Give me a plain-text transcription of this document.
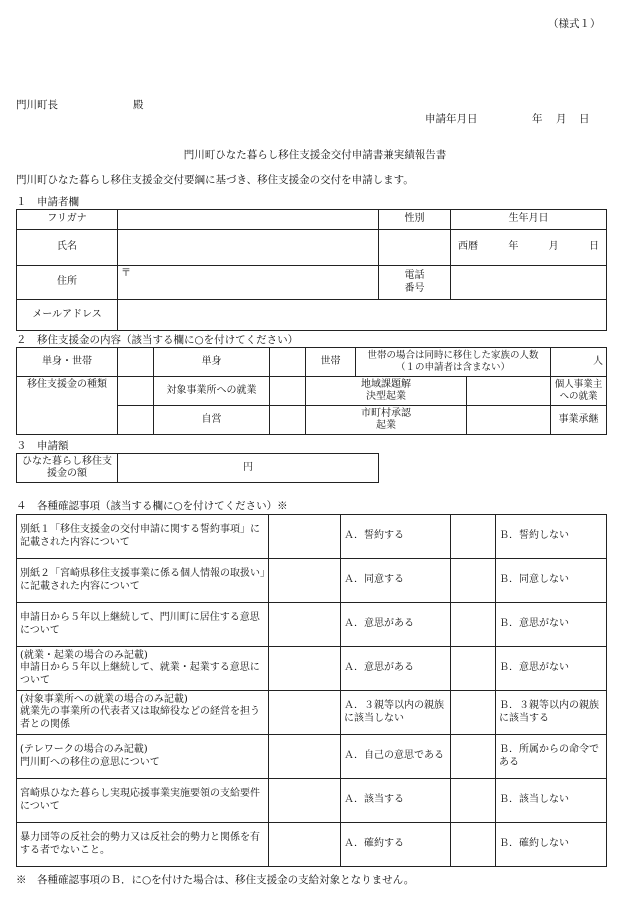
（様式１）
門川町長	殿
申請年月日	年 月 日
門川町ひなた暮らし移住支援金交付申請書兼実績報告書
門川町ひなた暮らし移住支援金交付要綱に基づき、移住支援金の交付を申請します。
１　申請者欄
フリガナ		性別	生年月日
氏名			西暦 年 月 日

住所	〒	電話番号	
メールアドレス			
２　移住支援金の内容（該当する欄に○を付けてください）
単身・世帯		単身		世帯	世帯の場合は同時に移住した家族の人数（１の申請者は含まない）		人
移住支援金の種類		対象事業所への就業		地域課題解決型起業			個人事業主への就業
		自営		市町村承認起業			事業承継
３　申請額
ひなた暮らし移住支援金の額	円
４　各種確認事項（該当する欄に○を付けてください）※
別紙１「移住支援金の交付申請に関する誓約事項」に記載された内容について		Ａ．誓約する		Ｂ．誓約しない
別紙２「宮崎県移住支援事業に係る個人情報の取扱い」に記載された内容について		Ａ．同意する		Ｂ．同意しない
申請日から５年以上継続して、門川町に居住する意思について		Ａ．意思がある		Ｂ．意思がない
(就業・起業の場合のみ記載)
申請日から５年以上継続して、就業・起業する意思について		Ａ．意思がある		Ｂ．意思がない
(対象事業所への就業の場合のみ記載)
就業先の事業所の代表者又は取締役などの経営を担う者との関係		Ａ．３親等以内の親族に該当しない		Ｂ．３親等以内の親族に該当する
(テレワークの場合のみ記載)
門川町への移住の意思について		Ａ．自己の意思である		Ｂ．所属からの命令である
宮崎県ひなた暮らし実現応援事業実施要領の支給要件について		Ａ．該当する		Ｂ．該当しない
暴力団等の反社会的勢力又は反社会的勢力と関係を有する者でないこと。		Ａ．確約する		Ｂ．確約しない
※　各種確認事項のＢ．に○を付けた場合は、移住支援金の支給対象となりません。
